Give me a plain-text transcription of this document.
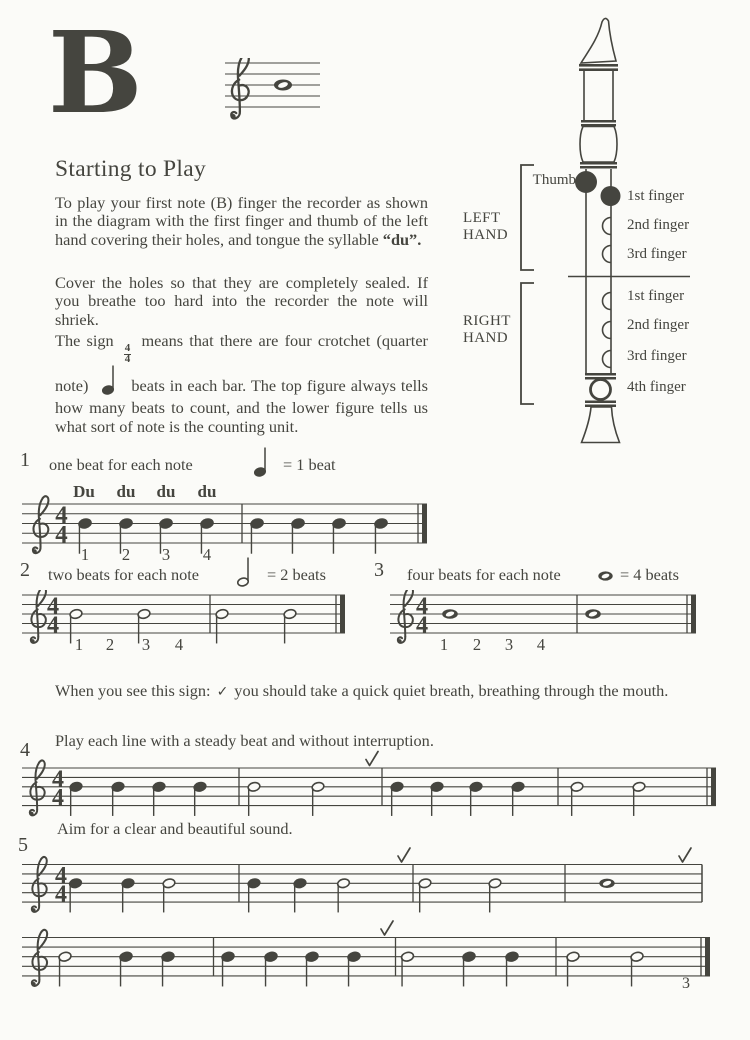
B
Thumb
1st finger
2nd finger
3rd finger
LEFT
HAND
1st finger
2nd finger
3rd finger
4th finger
RIGHT
HAND
Starting to Play
To play your first note (B) finger the recorder as shown in the diagram with the first finger and thumb of the left hand covering their holes, and tongue the syllable “du”.
Cover the holes so that they are completely sealed. If you breathe too hard into the recorder the note will shriek.
The sign
$\frac{4}{4}$
means that there are four crotchet (quarter note)	beats in each bar. The top figure always tells how many beats to count, and the lower figure tells us what sort of note is the counting unit.
1 one beat for each note	= 1 beat
4
4
Du du du du
1 2 3 4
2 two beats for each note	= 2 beats
4
4
1 2 3 4
3 four beats for each note	= 4 beats
4
4
1 2 3 4
When you see this sign: ✓ you should take a quick quiet breath, breathing through the mouth.
Play each line with a steady beat and without interruption.
4
4
4
Aim for a clear and beautiful sound.
5
4
4
3
